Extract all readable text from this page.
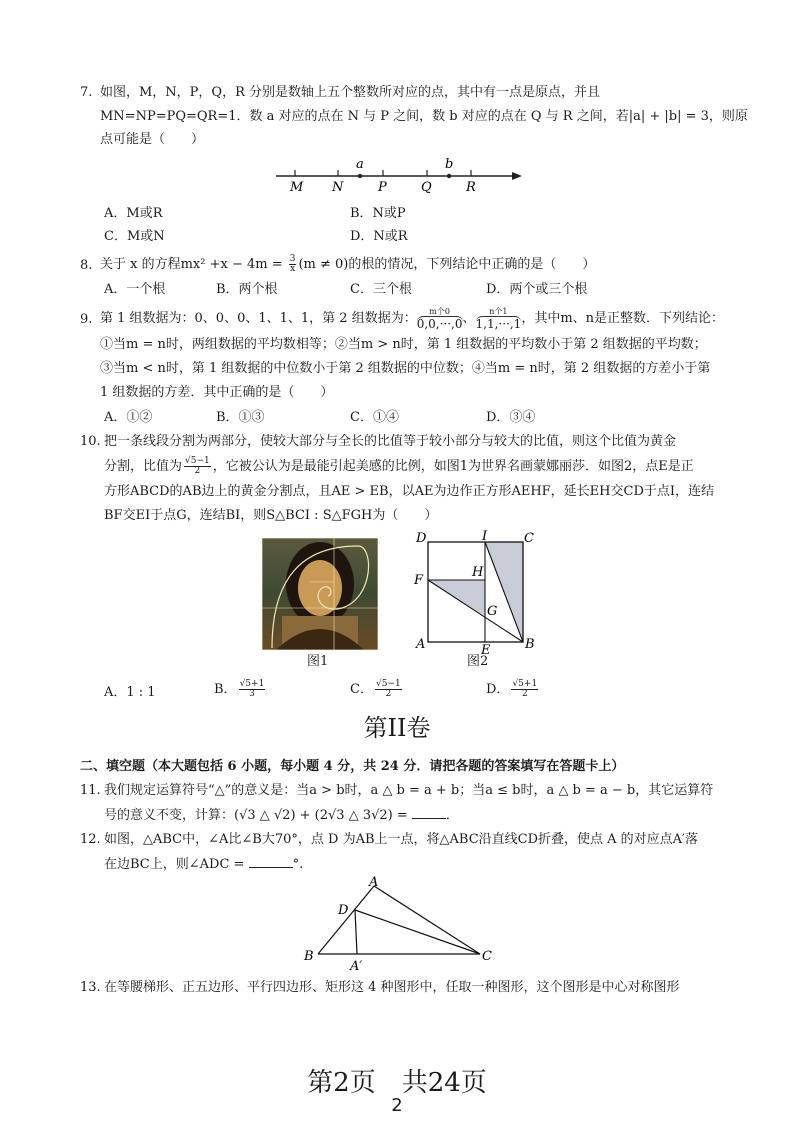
7. 如图，M，N，P，Q，R 分别是数轴上五个整数所对应的点，其中有一点是原点，并且
MN=NP=PQ=QR=1．数 a 对应的点在 N 与 P 之间，数 b 对应的点在 Q 与 R 之间，若|a| + |b| = 3，则原
点可能是（　　）
M N	P	Q	R
a	b
A．M或R	B．N或P
C．M或N	D．N或R
8. 关于 x 的方程$mx^2 +x - 4m = \frac{3}{x} (m \ne 0)$的根的情况，下列结论中正确的是（　　）
A．一个根	B．两个根	C．三个根	D．两个或三个根
9. 第 1 组数据为：0、0、0、1、1、1，第 2 组数据为：	m个0
0,0,···,0 、	n个1
1,1,···,1 ，其中m、n是正整数．下列结论：
①当m = n时，两组数据的平均数相等；②当m > n时，第 1 组数据的平均数小于第 2 组数据的平均数；
③当m < n时，第 1 组数据的中位数小于第 2 组数据的中位数；④当m = n时，第 2 组数据的方差小于第
1 组数据的方差．其中正确的是（　　）
A．①②	B．①③	C．①④	D．③④
10. 把一条线段分割为两部分，使较大部分与全长的比值等于较小部分与较大的比值，则这个比值为黄金
分割，比值为 $\frac{√5-1}{2}$ ，它被公认为是最能引起美感的比例，如图1为世界名画蒙娜丽莎．如图2，点E是正
方形ABCD的AB边上的黄金分割点，且AE > EB，以AE为边作正方形AEHF，延长EH交CD于点I，连结
BF交EI于点G，连结BI，则S△BCI : S△FGH为（　　）
图1
D	I	C
F
H
G
A	E	B
图2
A．1 : 1	B． $\frac{√5+1}{3}$	C． $\frac{√5-1}{2}$	D． $\frac{√5+1}{2}$
第II卷
二、填空题（本大题包括 6 小题，每小题 4 分，共 24 分．请把各题的答案填写在答题卡上）
11. 我们规定运算符号“△”的意义是：当a > b时，a △ b = a + b；当a ≤ b时，a △ b = a − b，其它运算符
号的意义不变，计算：(√3 △ √2) + (2√3 △ 3√2) =	．
12. 如图，△ABC中，∠A比∠B大70°，点 D 为AB上一点，将△ABC沿直线CD折叠，使点 A 的对应点A′落
在边BC上，则∠ADC =	°.
A
D
B
A′
C
13. 在等腰梯形、正五边形、平行四边形、矩形这 4 种图形中，任取一种图形，这个图形是中心对称图形
第2页　共24页
2
